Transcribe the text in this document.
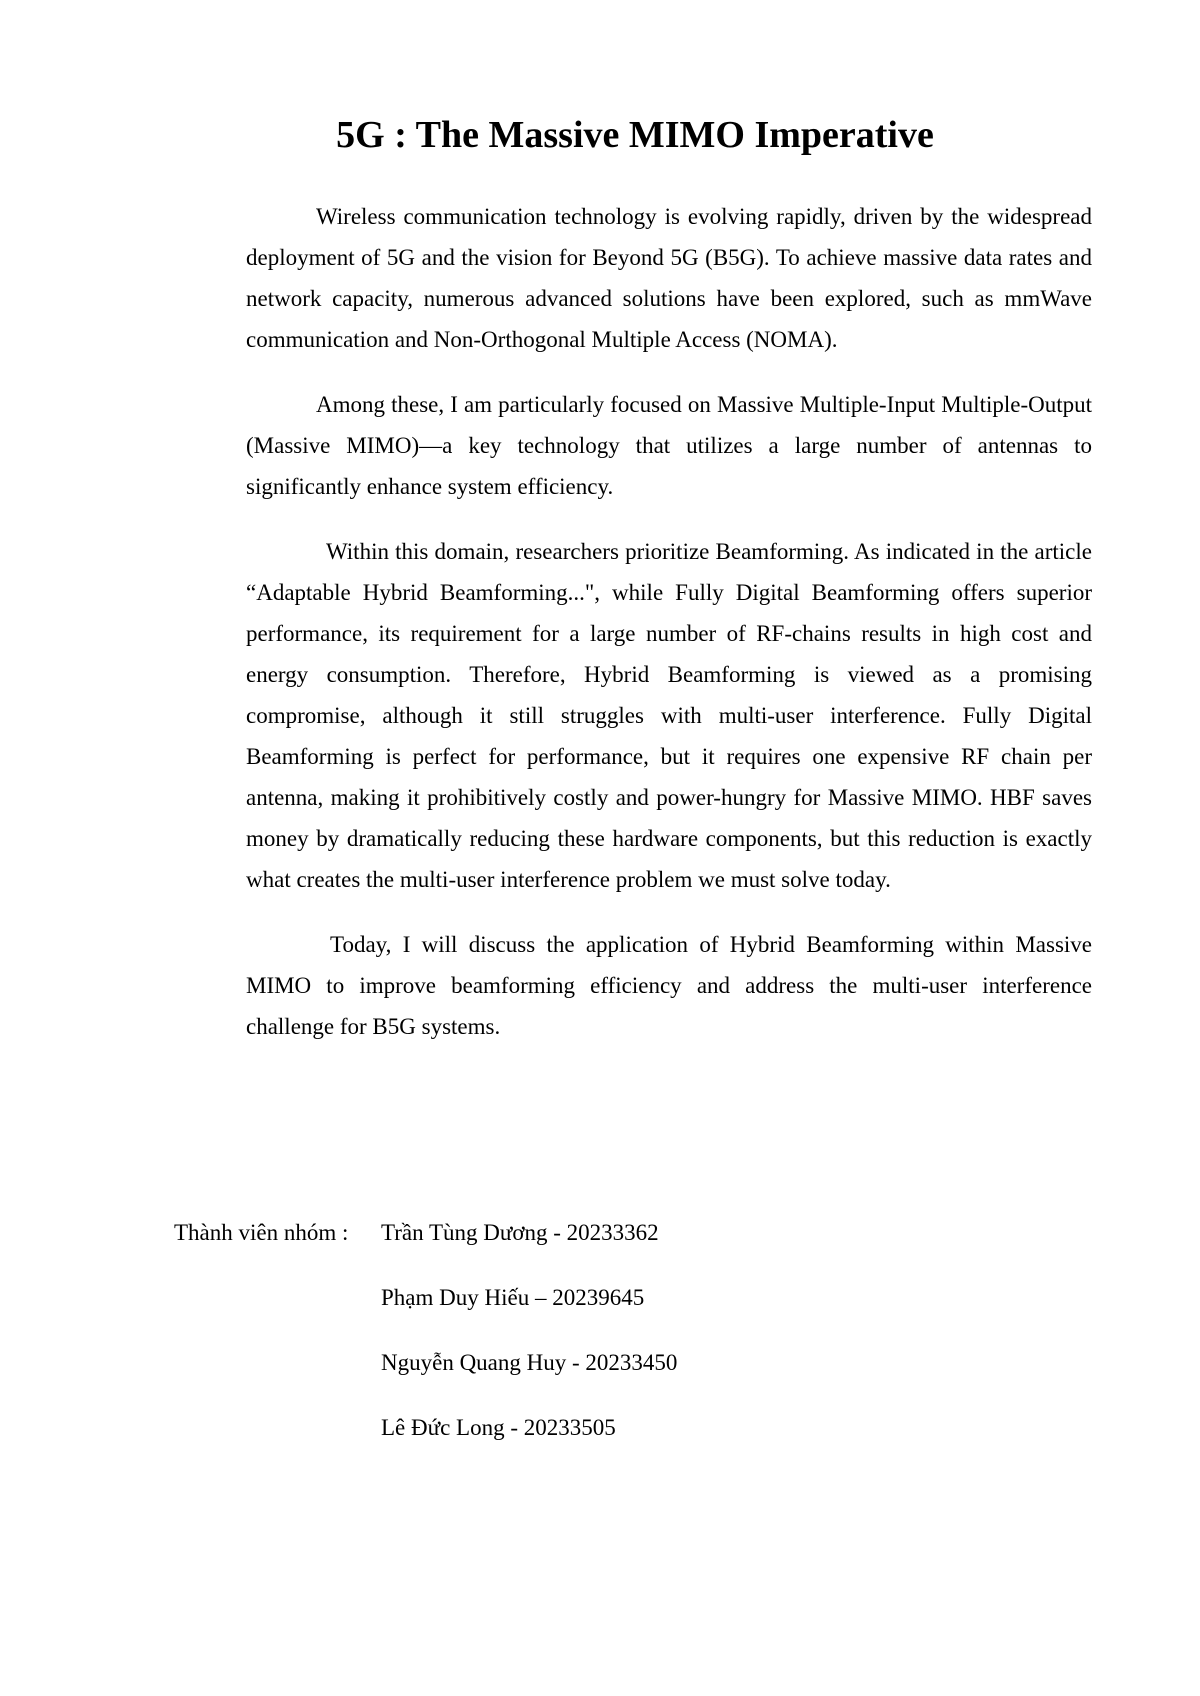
5G : The Massive MIMO Imperative

Wireless communication technology is evolving rapidly, driven by the widespread deployment of 5G and the vision for Beyond 5G (B5G). To achieve massive data rates and network capacity, numerous advanced solutions have been explored, such as mmWave communication and Non-Orthogonal Multiple Access (NOMA).

Among these, I am particularly focused on Massive Multiple-Input Multiple-Output (Massive MIMO)—a key technology that utilizes a large number of antennas to significantly enhance system efficiency.

Within this domain, researchers prioritize Beamforming. As indicated in the article “Adaptable Hybrid Beamforming...", while Fully Digital Beamforming offers superior performance, its requirement for a large number of RF-chains results in high cost and energy consumption. Therefore, Hybrid Beamforming is viewed as a promising compromise, although it still struggles with multi-user interference. Fully Digital Beamforming is perfect for performance, but it requires one expensive RF chain per antenna, making it prohibitively costly and power-hungry for Massive MIMO. HBF saves money by dramatically reducing these hardware components, but this reduction is exactly what creates the multi-user interference problem we must solve today.

Today, I will discuss the application of Hybrid Beamforming within Massive MIMO to improve beamforming efficiency and address the multi-user interference challenge for B5G systems.

Thành viên nhóm : Trần Tùng Dương - 20233362
Phạm Duy Hiếu – 20239645
Nguyễn Quang Huy - 20233450
Lê Đức Long - 20233505
